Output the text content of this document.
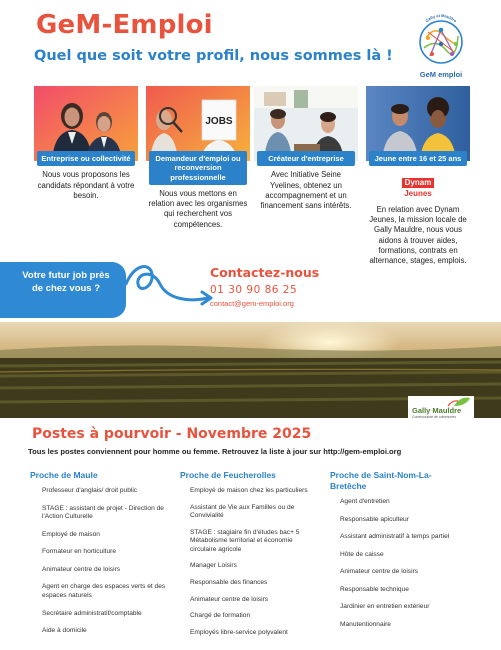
GeM-Emploi
Quel que soit votre profil, nous sommes là !
Gally et Mauldre
GeM emploi
Entreprise ou collectivité
Nous vous proposons les candidats répondant à votre besoin.
JOBS
Demandeur d'emploi ou reconversion professionnelle
Nous vous mettons en relation avec les organismes qui recherchent vos compétences.
Créateur d'entreprise
Avec Initiative Seine Yvelines, obtenez un accompagnement et un financement sans intérêts.
Jeune entre 16 et 25 ans
Dynam
Jeunes
En relation avec Dynam Jeunes, la mission locale de Gally Mauldre, nous vous aidons à trouver aides, formations, contrats en alternance, stages, emplois.
Votre futur job près de chez vous ?
Contactez-nous
01 30 90 86 25
contact@gem-emploi.org
Gally Mauldre
Communauté de communes
Postes à pourvoir - Novembre 2025
Tous les postes conviennent pour homme ou femme. Retrouvez la liste à jour sur http://gem-emploi.org
Proche de Maule
Professeur d'anglais/ droit public
STAGE : assistant de projet - Direction de l'Action Culturelle
Employé de maison
Formateur en horticulture
Animateur centre de loisirs
Agent en charge des espaces verts et des espaces naturels
Secrétaire administratif/comptable
Aide à domicile
Proche de Feucherolles
Employé de maison chez les particuliers
Assistant de Vie aux Familles ou de Convivialité
STAGE : stagiaire fin d'études bac+ 5 Métabolisme territorial et économie circulaire agricole
Manager Loisirs
Responsable des finances
Animateur centre de loisirs
Chargé de formation
Employés libre-service polyvalent
Proche de Saint-Nom-La-Bretêche
Agent d'entretien
Responsable apiculteur
Assistant administratif à temps partiel
Hôte de caisse
Animateur centre de loisirs
Responsable technique
Jardinier en entretien extérieur
Manutentionnaire
